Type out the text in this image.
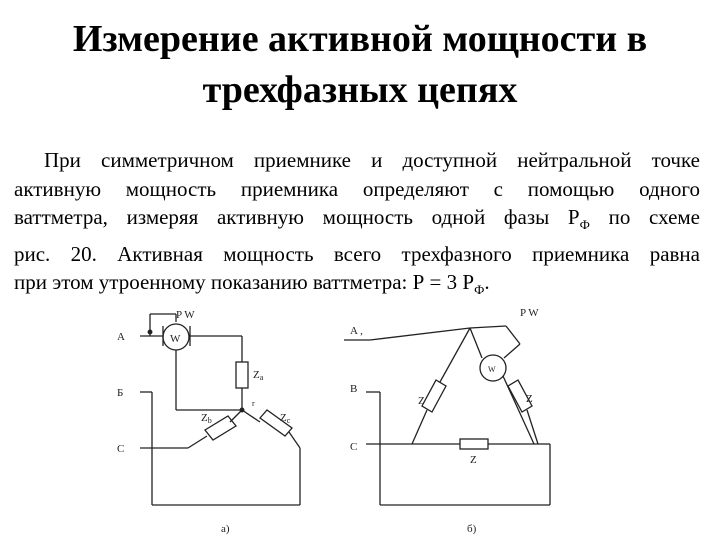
Измерение активной мощности в
трехфазных цепях
При симметричном приемнике и доступной нейтральной точке
активную мощность приемника определяют с помощью одного
ваттметра, измеряя активную мощность одной фазы $Р_Ф$ по схеме
рис. 20. Активная мощность всего трехфазного приемника равна
при этом утроенному показанию ваттметра: Р = 3 $Р_Ф$.
P W
A
Б
C
W
Za
r
Zb	Zc
а)
P W
A ,
B
C
W
Z	Z
Z
б)
